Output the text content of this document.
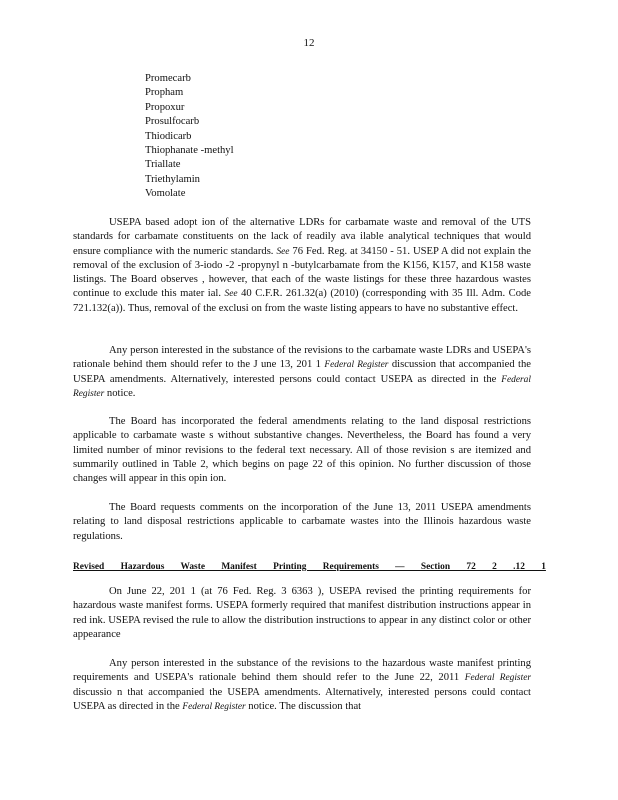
12
Promecarb
Propham
Propoxur
Prosulfocarb
Thiodicarb
Thiophanate -methyl
Triallate
Triethylamin
Vomolate

USEPA based adopt ion of the alternative LDRs for carbamate waste and removal of the UTS standards for carbamate constituents on the lack of readily ava ilable analytical techniques that would ensure compliance with the numeric standards. See 76 Fed. Reg. at 34150 - 51. USEP A did not explain the removal of the exclusion of 3-iodo -2 -propynyl n -butylcarbamate from the K156, K157, and K158 waste listings. The Board observes , however, that each of the waste listings for these three hazardous wastes continue to exclude this mater ial. See 40 C.F.R. 261.32(a) (2010) (corresponding with 35 Ill. Adm. Code 721.132(a)). Thus, removal of the exclusi on from the waste listing appears to have no substantive effect.

Any person interested in the substance of the revisions to the carbamate waste LDRs and USEPA's rationale behind them should refer to the J une 13, 201 1 Federal Register discussion that accompanied the USEPA amendments. Alternatively, interested persons could contact USEPA as directed in the Federal Register notice.

The Board has incorporated the federal amendments relating to the land disposal restrictions applicable to carbamate waste s without substantive changes. Nevertheless, the Board has found a very limited number of minor revisions to the federal text necessary. All of those revision s are itemized and summarily outlined in Table 2, which begins on page 22 of this opinion. No further discussion of those changes will appear in this opin ion.

The Board requests comments on the incorporation of the June 13, 2011 USEPA amendments relating to land disposal restrictions applicable to carbamate wastes into the Illinois hazardous waste regulations.

Revised Hazardous Waste Manifest Printing Requirements — Section 72 2 .12 1

On June 22, 201 1 (at 76 Fed. Reg. 3 6363 ), USEPA revised the printing requirements for hazardous waste manifest forms. USEPA formerly required that manifest distribution instructions appear in red ink. USEPA revised the rule to allow the distribution instructions to appear in any distinct color or other appearance

Any person interested in the substance of the revisions to the hazardous waste manifest printing requirements and USEPA's rationale behind them should refer to the June 22, 2011 Federal Register discussio n that accompanied the USEPA amendments. Alternatively, interested persons could contact USEPA as directed in the Federal Register notice. The discussion that
